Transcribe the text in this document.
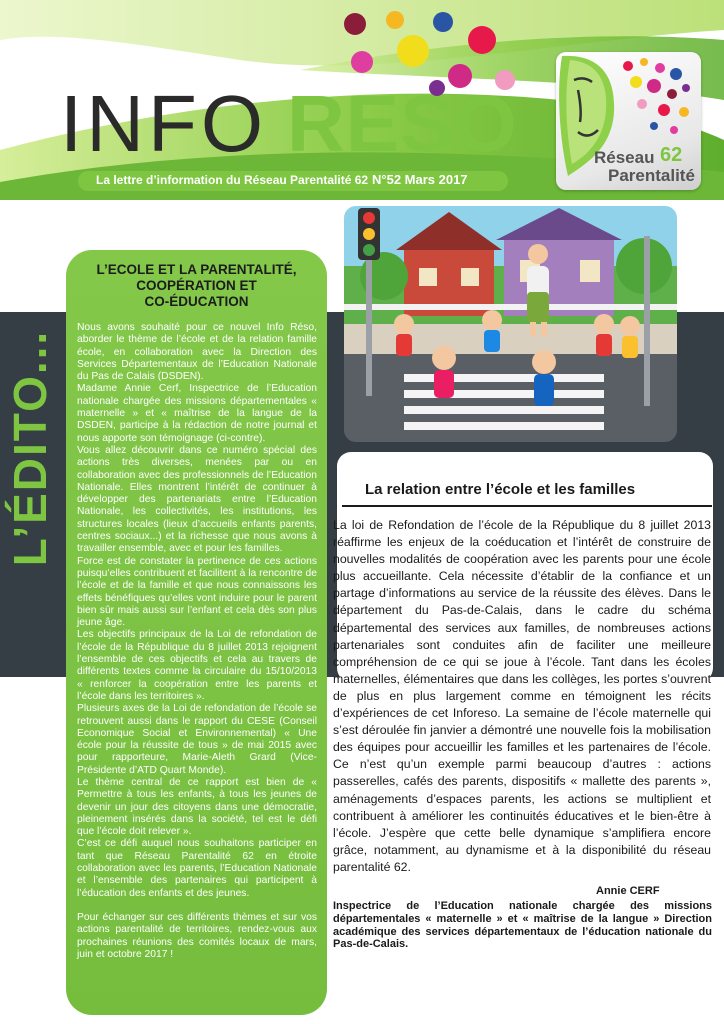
INFO RESO
La lettre d’information du Réseau Parentalité 62 N°52 Mars 2017
Réseau 62
Parentalité
L’ÉDITO...
L’ECOLE ET LA PARENTALITÉ,
COOPÉRATION ET
CO-ÉDUCATION

Nous avons souhaité pour ce nouvel Info Réso, aborder le thème de l’école et de la relation famille école, en collaboration avec la Direction des Services Départementaux de l’Education Nationale du Pas de Calais (DSDEN).

Madame Annie Cerf, Inspectrice de l’Education nationale chargée des missions départementales « maternelle » et « maîtrise de la langue de la DSDEN, participe à la rédaction de notre journal et nous apporte son témoignage (ci-contre).

Vous allez découvrir dans ce numéro spécial des actions très diverses, menées par ou en collaboration avec des professionnels de l’Education Nationale. Elles montrent l’intérêt de continuer à développer des partenariats entre l’Education Nationale, les collectivités, les institutions, les structures locales (lieux d’accueils enfants parents, centres sociaux...) et la richesse que nous avons à travailler ensemble, avec et pour les familles.

Force est de constater la pertinence de ces actions puisqu’elles contribuent et facilitent à la rencontre de l’école et de la famille et que nous connaissons les effets bénéfiques qu’elles vont induire pour le parent bien sûr mais aussi sur l’enfant et cela dès son plus jeune âge.

Les objectifs principaux de la Loi de refondation de l’école de la République du 8 juillet 2013 rejoignent l’ensemble de ces objectifs et cela au travers de différents textes comme la circulaire du 15/10/2013 « renforcer la coopération entre les parents et l’école dans les territoires ».

Plusieurs axes de la Loi de refondation de l’école se retrouvent aussi dans le rapport du CESE (Conseil Economique Social et Environnemental) « Une école pour la réussite de tous » de mai 2015 avec pour rapporteure, Marie-Aleth Grard (Vice-Présidente d’ATD Quart Monde).

Le thème central de ce rapport est bien de « Permettre à tous les enfants, à tous les jeunes de devenir un jour des citoyens dans une démocratie, pleinement insérés dans la société, tel est le défi que l’école doit relever ».

C’est ce défi auquel nous souhaitons participer en tant que Réseau Parentalité 62 en étroite collaboration avec les parents, l’Education Nationale et l’ensemble des partenaires qui participent à l’éducation des enfants et des jeunes.

Pour échanger sur ces différents thèmes et sur vos actions parentalité de territoires, rendez-vous aux prochaines réunions des comités locaux de mars, juin et octobre 2017 !

La relation entre l’école et les familles
La loi de Refondation de l’école de la République du 8 juillet 2013 réaffirme les enjeux de la coéducation et l’intérêt de construire de nouvelles modalités de coopération avec les parents pour une école plus accueillante. Cela nécessite d’établir de la confiance et un partage d’informations au service de la réussite des élèves. Dans le département du Pas-de-Calais, dans le cadre du schéma départemental des services aux familles, de nombreuses actions partenariales sont conduites afin de faciliter une meilleure compréhension de ce qui se joue à l’école. Tant dans les écoles maternelles, élémentaires que dans les collèges, les portes s’ouvrent de plus en plus largement comme en témoignent les récits d’expériences de cet Inforeso. La semaine de l’école maternelle qui s’est déroulée fin janvier a démontré une nouvelle fois la mobilisation des équipes pour accueillir les familles et les partenaires de l’école. Ce n’est qu’un exemple parmi beaucoup d’autres : actions passerelles, cafés des parents, dispositifs « mallette des parents », aménagements d’espaces parents, les actions se multiplient et contribuent à améliorer les continuités éducatives et le bien-être à l’école. J’espère que cette belle dynamique s’amplifiera encore grâce, notamment, au dynamisme et à la disponibilité du réseau parentalité 62.
Annie CERF
Inspectrice de l’Education nationale chargée des missions départementales « maternelle » et « maîtrise de la langue » Direction académique des services départementaux de l’éducation nationale du Pas-de-Calais.
